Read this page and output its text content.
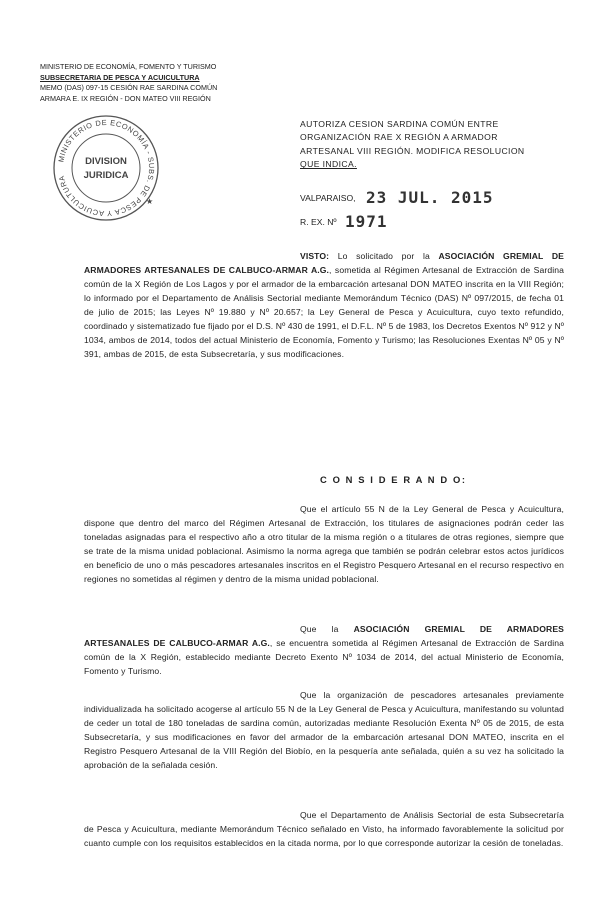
MINISTERIO DE ECONOMÍA, FOMENTO Y TURISMO
SUBSECRETARIA DE PESCA Y ACUICULTURA
MEMO (DAS) 097-15 CESIÓN RAE SARDINA COMÚN
ARMARA E. IX REGIÓN - DON MATEO VIII REGIÓN
MINISTERIO DE ECONOMÍA - SUBS. DE PESCA Y ACUICULTURA
DIVISION
JURIDICA
★
AUTORIZA CESION SARDINA COMÚN ENTRE
ORGANIZACIÓN RAE X REGIÓN A ARMADOR
ARTESANAL VIII REGIÓN. MODIFICA RESOLUCION
QUE INDICA.
VALPARAISO, 23 JUL. 2015
R. EX. Nº 1971
VISTO: Lo solicitado por la ASOCIACIÓN GREMIAL DE ARMADORES ARTESANALES DE CALBUCO-ARMAR A.G., sometida al Régimen Artesanal de Extracción de Sardina común de la X Región de Los Lagos y por el armador de la embarcación artesanal DON MATEO inscrita en la VIII Región; lo informado por el Departamento de Análisis Sectorial mediante Memorándum Técnico (DAS) Nº 097/2015, de fecha 01 de julio de 2015; las Leyes Nº 19.880 y Nº 20.657; la Ley General de Pesca y Acuicultura, cuyo texto refundido, coordinado y sistematizado fue fijado por el D.S. Nº 430 de 1991, el D.F.L. Nº 5 de 1983, los Decretos Exentos Nº 912 y Nº 1034, ambos de 2014, todos del actual Ministerio de Economía, Fomento y Turismo; las Resoluciones Exentas Nº 05 y Nº 391, ambas de 2015, de esta Subsecretaría, y sus modificaciones.
C O N S I D E R A N D O:
Que el artículo 55 N de la Ley General de Pesca y Acuicultura, dispone que dentro del marco del Régimen Artesanal de Extracción, los titulares de asignaciones podrán ceder las toneladas asignadas para el respectivo año a otro titular de la misma región o a titulares de otras regiones, siempre que se trate de la misma unidad poblacional. Asimismo la norma agrega que también se podrán celebrar estos actos jurídicos en beneficio de uno o más pescadores artesanales inscritos en el Registro Pesquero Artesanal en el recurso respectivo en regiones no sometidas al régimen y dentro de la misma unidad poblacional.
Que la ASOCIACIÓN GREMIAL DE ARMADORES ARTESANALES DE CALBUCO-ARMAR A.G., se encuentra sometida al Régimen Artesanal de Extracción de Sardina común de la X Región, establecido mediante Decreto Exento Nº 1034 de 2014, del actual Ministerio de Economía, Fomento y Turismo.
Que la organización de pescadores artesanales previamente individualizada ha solicitado acogerse al artículo 55 N de la Ley General de Pesca y Acuicultura, manifestando su voluntad de ceder un total de 180 toneladas de sardina común, autorizadas mediante Resolución Exenta Nº 05 de 2015, de esta Subsecretaría, y sus modificaciones en favor del armador de la embarcación artesanal DON MATEO, inscrita en el Registro Pesquero Artesanal de la VIII Región del Biobío, en la pesquería ante señalada, quién a su vez ha solicitado la aprobación de la señalada cesión.
Que el Departamento de Análisis Sectorial de esta Subsecretaría de Pesca y Acuicultura, mediante Memorándum Técnico señalado en Visto, ha informado favorablemente la solicitud por cuanto cumple con los requisitos establecidos en la citada norma, por lo que corresponde autorizar la cesión de toneladas.
